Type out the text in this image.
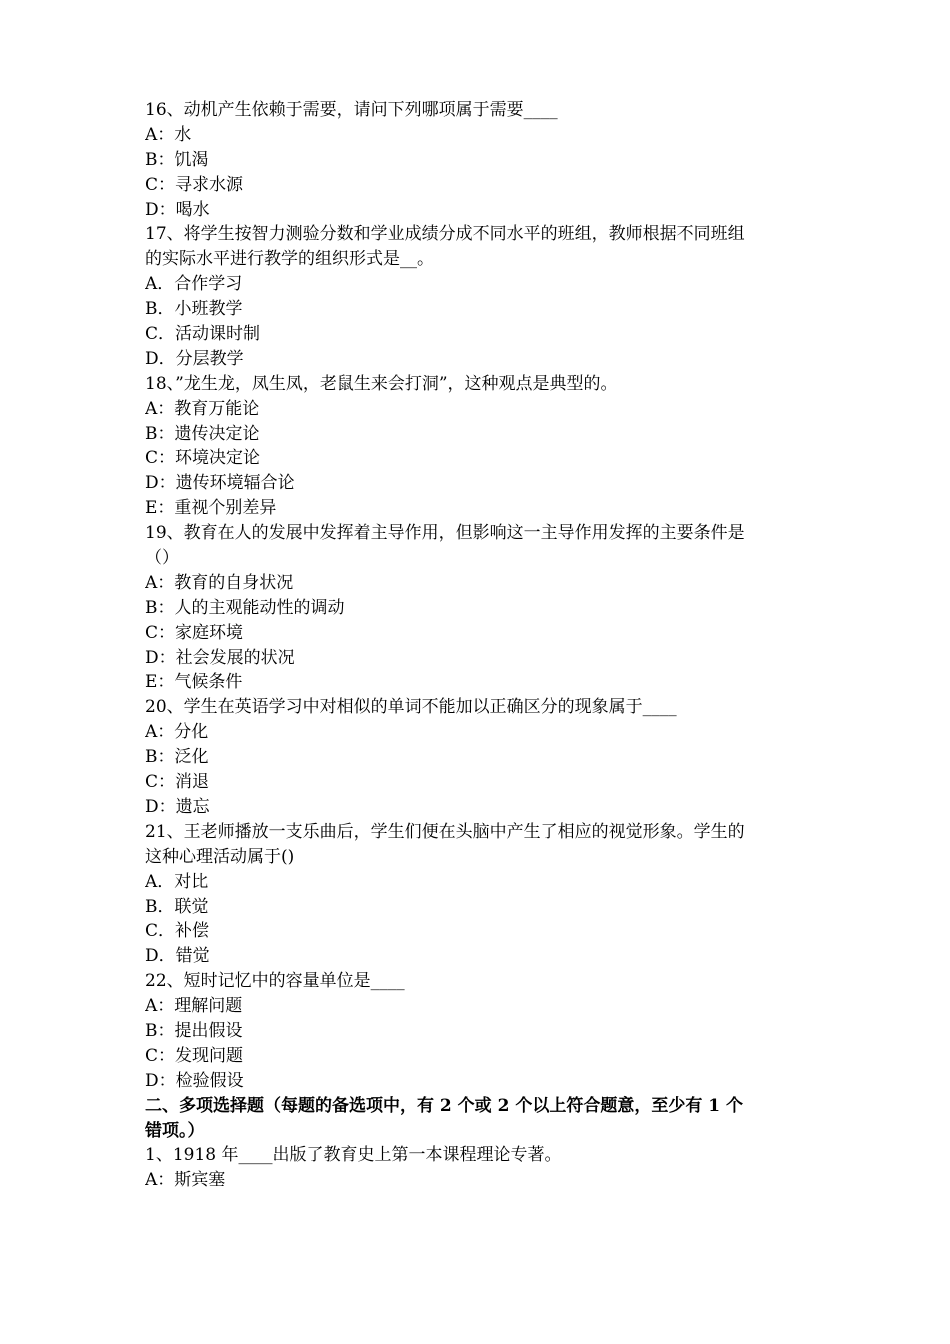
16、动机产生依赖于需要，请问下列哪项属于需要____
A：水
B：饥渴
C：寻求水源
D：喝水
17、将学生按智力测验分数和学业成绩分成不同水平的班组，教师根据不同班组
的实际水平进行教学的组织形式是__。
A．合作学习
B．小班教学
C．活动课时制
D．分层教学
18、”龙生龙，凤生凤，老鼠生来会打洞”，这种观点是典型的。
A：教育万能论
B：遗传决定论
C：环境决定论
D：遗传环境辐合论
E：重视个别差异
19、教育在人的发展中发挥着主导作用，但影响这一主导作用发挥的主要条件是
（）
A：教育的自身状况
B：人的主观能动性的调动
C：家庭环境
D：社会发展的状况
E：气候条件
20、学生在英语学习中对相似的单词不能加以正确区分的现象属于____
A：分化
B：泛化
C：消退
D：遗忘
21、王老师播放一支乐曲后，学生们便在头脑中产生了相应的视觉形象。学生的
这种心理活动属于()
A．对比
B．联觉
C．补偿
D．错觉
22、短时记忆中的容量单位是____
A：理解问题
B：提出假设
C：发现问题
D：检验假设
二、多项选择题（每题的备选项中，有 2 个或 2 个以上符合题意，至少有 1 个
错项。）
1、1918 年____出版了教育史上第一本课程理论专著。
A：斯宾塞
